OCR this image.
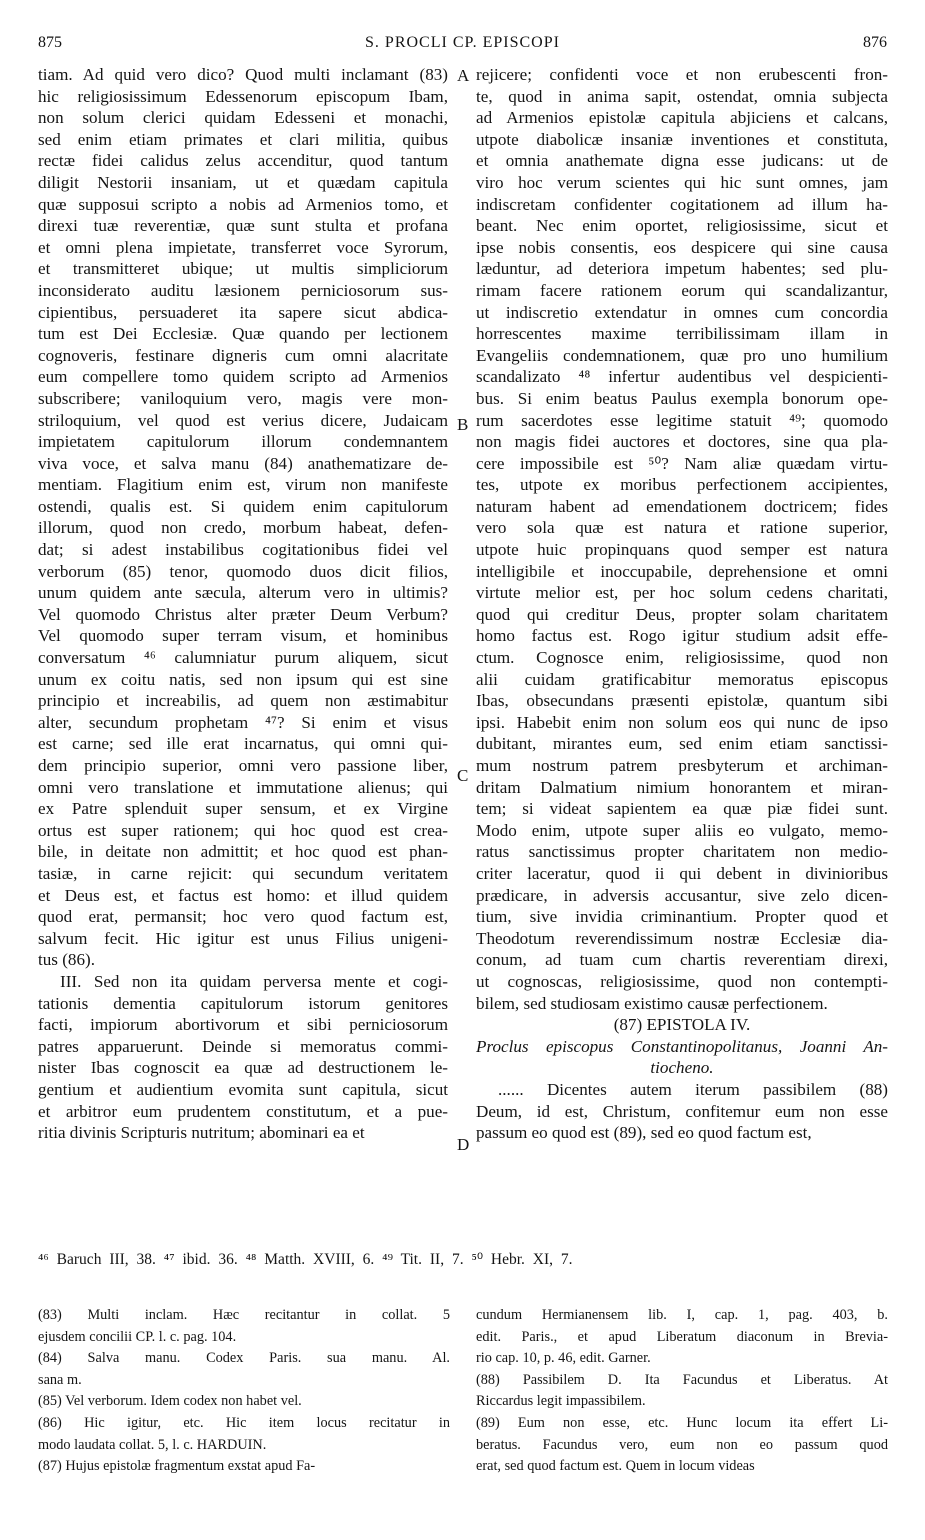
875	S. PROCLI CP. EPISCOPI	876
tiam. Ad quid vero dico? Quod multi inclamant (83)
hic religiosissimum Edessenorum episcopum Ibam,
non solum clerici quidam Edesseni et monachi,
sed enim etiam primates et clari militia, quibus
rectæ fidei calidus zelus accenditur, quod tantum
diligit Nestorii insaniam, ut et quædam capitula
quæ supposui scripto a nobis ad Armenios tomo, et
direxi tuæ reverentiæ, quæ sunt stulta et profana
et omni plena impietate, transferret voce Syrorum,
et transmitteret ubique; ut multis simpliciorum
inconsiderato auditu læsionem perniciosorum sus-
cipientibus, persuaderet ita sapere sicut abdica-
tum est Dei Ecclesiæ. Quæ quando per lectionem
cognoveris, festinare digneris cum omni alacritate
eum compellere tomo quidem scripto ad Armenios
subscribere; vaniloquium vero, magis vere mon-
striloquium, vel quod est verius dicere, Judaicam
impietatem capitulorum illorum condemnantem
viva voce, et salva manu (84) anathematizare de-
mentiam. Flagitium enim est, virum non manifeste
ostendi, qualis est. Si quidem enim capitulorum
illorum, quod non credo, morbum habeat, defen-
dat; si adest instabilibus cogitationibus fidei vel
verborum (85) tenor, quomodo duos dicit filios,
unum quidem ante sæcula, alterum vero in ultimis?
Vel quomodo Christus alter præter Deum Verbum?
Vel quomodo super terram visum, et hominibus
conversatum ⁴⁶ calumniatur purum aliquem, sicut
unum ex coitu natis, sed non ipsum qui est sine
principio et increabilis, ad quem non æstimabitur
alter, secundum prophetam ⁴⁷? Si enim et visus
est carne; sed ille erat incarnatus, qui omni qui-
dem principio superior, omni vero passione liber,
omni vero translatione et immutatione alienus; qui
ex Patre splenduit super sensum, et ex Virgine
ortus est super rationem; qui hoc quod est crea-
bile, in deitate non admittit; et hoc quod est phan-
tasiæ, in carne rejicit: qui secundum veritatem
et Deus est, et factus est homo: et illud quidem
quod erat, permansit; hoc vero quod factum est,
salvum fecit. Hic igitur est unus Filius unigeni-
tus (86).
III. Sed non ita quidam perversa mente et cogi-
tationis dementia capitulorum istorum genitores
facti, impiorum abortivorum et sibi perniciosorum
patres apparuerunt. Deinde si memoratus commi-
nister Ibas cognoscit ea quæ ad destructionem le-
gentium et audientium evomita sunt capitula, sicut
et arbitror eum prudentem constitutum, et a pue-
ritia divinis Scripturis nutritum; abominari ea et
rejicere; confidenti voce et non erubescenti fron-
te, quod in anima sapit, ostendat, omnia subjecta
ad Armenios epistolæ capitula abjiciens et calcans,
utpote diabolicæ insaniæ inventiones et constituta,
et omnia anathemate digna esse judicans: ut de
viro hoc verum scientes qui hic sunt omnes, jam
indiscretam confidenter cogitationem ad illum ha-
beant. Nec enim oportet, religiosissime, sicut et
ipse nobis consentis, eos despicere qui sine causa
læduntur, ad deteriora impetum habentes; sed plu-
rimam facere rationem eorum qui scandalizantur,
ut indiscretio extendatur in omnes cum concordia
horrescentes maxime terribilissimam illam in
Evangeliis condemnationem, quæ pro uno humilium
scandalizato ⁴⁸ infertur audentibus vel despicienti-
bus. Si enim beatus Paulus exempla bonorum ope-
rum sacerdotes esse legitime statuit ⁴⁹; quomodo
non magis fidei auctores et doctores, sine qua pla-
cere impossibile est ⁵⁰? Nam aliæ quædam virtu-
tes, utpote ex moribus perfectionem accipientes,
naturam habent ad emendationem doctricem; fides
vero sola quæ est natura et ratione superior,
utpote huic propinquans quod semper est natura
intelligibile et inoccupabile, deprehensione et omni
virtute melior est, per hoc solum cedens charitati,
quod qui creditur Deus, propter solam charitatem
homo factus est. Rogo igitur studium adsit effe-
ctum. Cognosce enim, religiosissime, quod non
alii cuidam gratificabitur memoratus episcopus
Ibas, obsecundans præsenti epistolæ, quantum sibi
ipsi. Habebit enim non solum eos qui nunc de ipso
dubitant, mirantes eum, sed enim etiam sanctissi-
mum nostrum patrem presbyterum et archiman-
dritam Dalmatium nimium honorantem et miran-
tem; si videat sapientem ea quæ piæ fidei sunt.
Modo enim, utpote super aliis eo vulgato, memo-
ratus sanctissimus propter charitatem non medio-
criter laceratur, quod ii qui debent in divinioribus
prædicare, in adversis accusantur, sive zelo dicen-
tium, sive invidia criminantium. Propter quod et
Theodotum reverendissimum nostræ Ecclesiæ dia-
conum, ad tuam cum chartis reverentiam direxi,
ut cognoscas, religiosissime, quod non contempti-
bilem, sed studiosam existimo causæ perfectionem.
(87) EPISTOLA IV.
Proclus episcopus Constantinopolitanus, Joanni An-
tiocheno.
...... Dicentes autem iterum passibilem (88)
Deum, id est, Christum, confitemur eum non esse
passum eo quod est (89), sed eo quod factum est,
A
B
C
D
⁴⁶ Baruch III, 38. ⁴⁷ ibid. 36. ⁴⁸ Matth. XVIII, 6. ⁴⁹ Tit. II, 7. ⁵⁰ Hebr. XI, 7.
(83) Multi inclam. Hæc recitantur in collat. 5
ejusdem concilii CP. l. c. pag. 104.
(84) Salva manu. Codex Paris. sua manu. Al.
sana m.
(85) Vel verborum. Idem codex non habet vel.
(86) Hic igitur, etc. Hic item locus recitatur in
modo laudata collat. 5, l. c. HARDUIN.
(87) Hujus epistolæ fragmentum exstat apud Fa-
cundum Hermianensem lib. I, cap. 1, pag. 403, b.
edit. Paris., et apud Liberatum diaconum in Brevia-
rio cap. 10, p. 46, edit. Garner.
(88) Passibilem D. Ita Facundus et Liberatus. At
Riccardus legit impassibilem.
(89) Eum non esse, etc. Hunc locum ita effert Li-
beratus. Facundus vero, eum non eo passum quod
erat, sed quod factum est. Quem in locum videas
